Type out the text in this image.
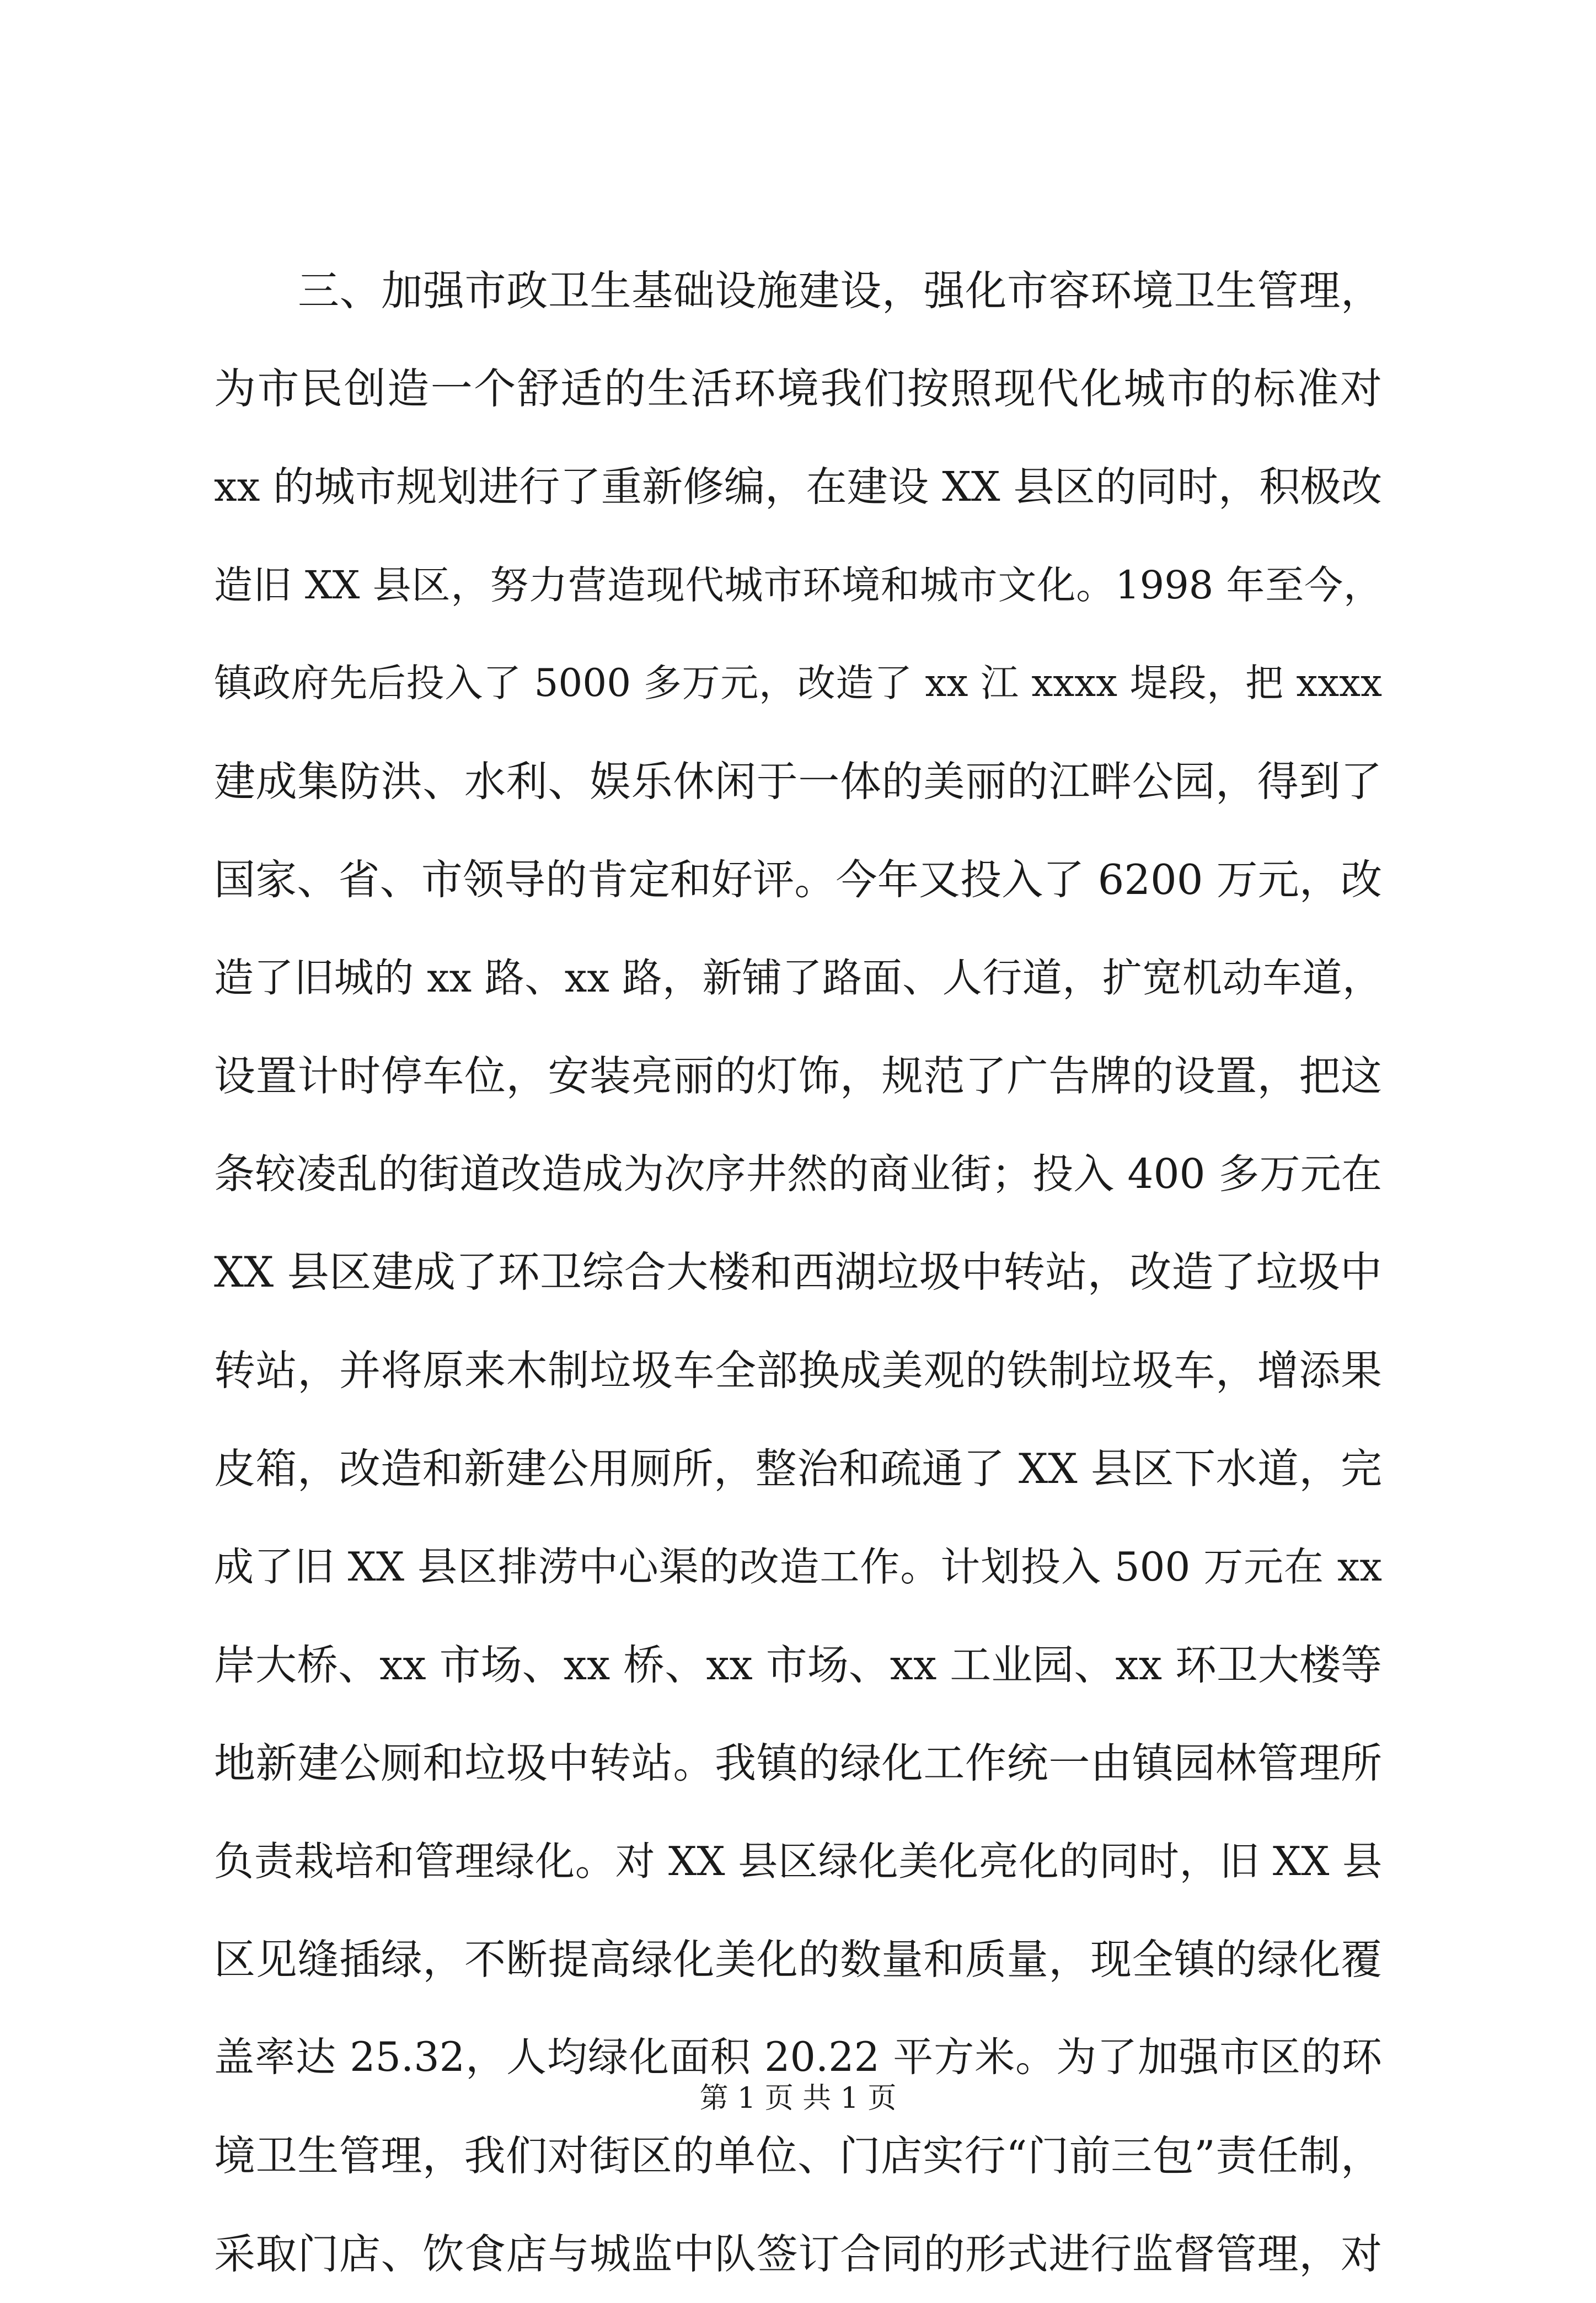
三、加强市政卫生基础设施建设，强化市容环境卫生管理，
为市民创造一个舒适的生活环境我们按照现代化城市的标准对
xx 的城市规划进行了重新修编，在建设 XX 县区的同时，积极改
造旧 XX 县区，努力营造现代城市环境和城市文化。1998 年至今，
镇政府先后投入了 5000 多万元，改造了 xx 江 xxxx 堤段，把 xxxx
建成集防洪、水利、娱乐休闲于一体的美丽的江畔公园，得到了
国家、省、市领导的肯定和好评。今年又投入了 6200 万元，改
造了旧城的 xx 路、xx 路，新铺了路面、人行道，扩宽机动车道，
设置计时停车位，安装亮丽的灯饰，规范了广告牌的设置，把这
条较凌乱的街道改造成为次序井然的商业街；投入 400 多万元在
XX 县区建成了环卫综合大楼和西湖垃圾中转站，改造了垃圾中
转站，并将原来木制垃圾车全部换成美观的铁制垃圾车，增添果
皮箱，改造和新建公用厕所，整治和疏通了 XX 县区下水道，完
成了旧 XX 县区排涝中心渠的改造工作。计划投入 500 万元在 xx
岸大桥、xx 市场、xx 桥、xx 市场、xx 工业园、xx 环卫大楼等
地新建公厕和垃圾中转站。我镇的绿化工作统一由镇园林管理所
负责栽培和管理绿化。对 XX 县区绿化美化亮化的同时，旧 XX 县
区见缝插绿，不断提高绿化美化的数量和质量，现全镇的绿化覆
盖率达 25.32，人均绿化面积 20.22 平方米。为了加强市区的环
境卫生管理，我们对街区的单位、门店实行“门前三包”责任制，
采取门店、饮食店与城监中队签订合同的形式进行监督管理，对
第 1 页 共 1 页
